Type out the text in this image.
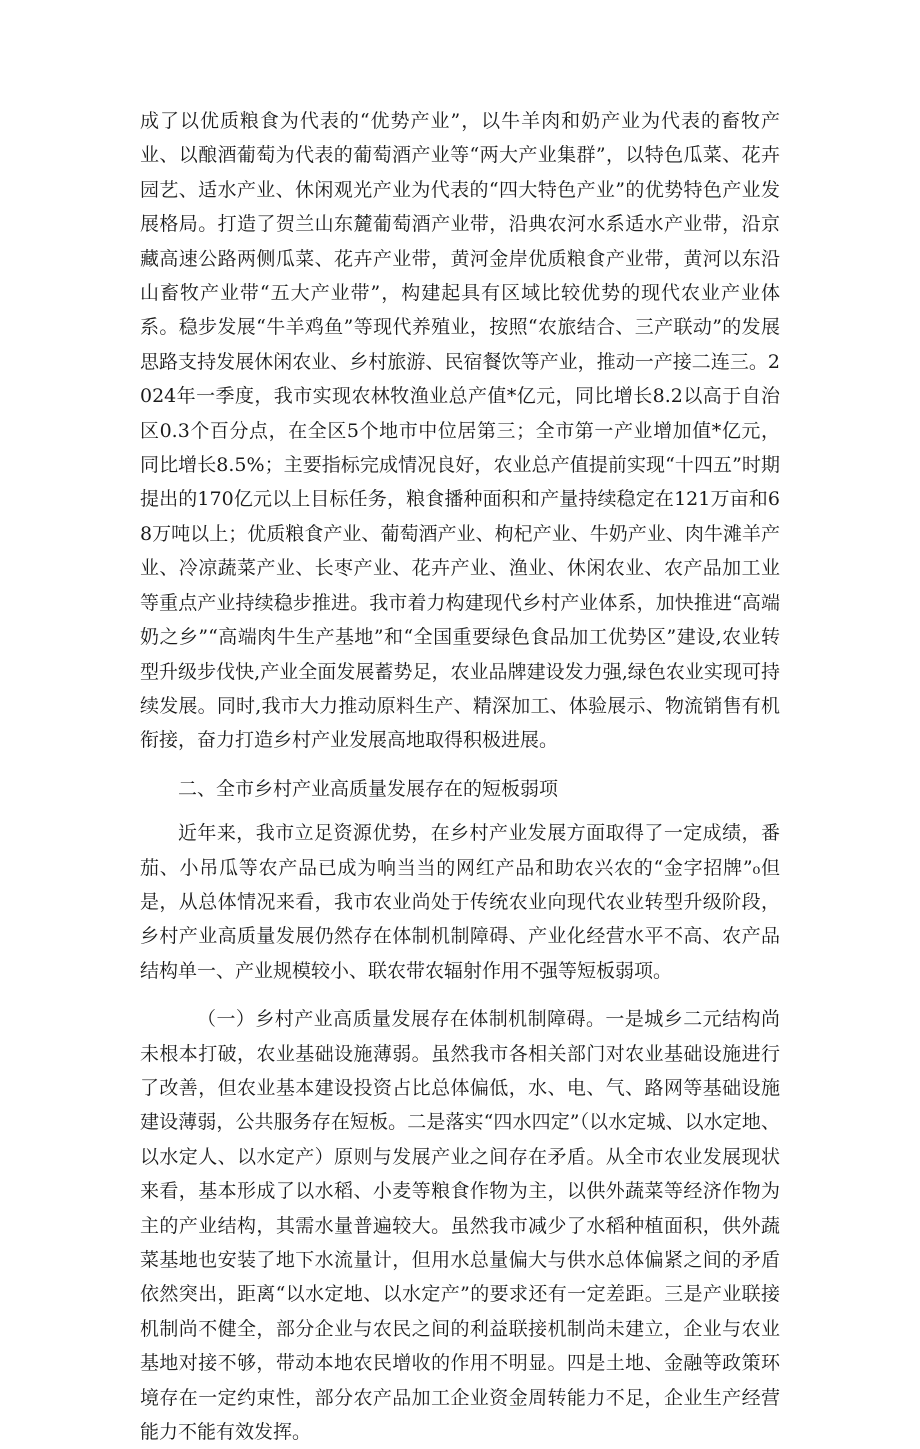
成了以优质粮食为代表的“优势产业”，以牛羊肉和奶产业为代表的畜牧产业、以酿酒葡萄为代表的葡萄酒产业等“两大产业集群”，以特色瓜菜、花卉园艺、适水产业、休闲观光产业为代表的“四大特色产业”的优势特色产业发展格局。打造了贺兰山东麓葡萄酒产业带，沿典农河水系适水产业带，沿京藏高速公路两侧瓜菜、花卉产业带，黄河金岸优质粮食产业带，黄河以东沿山畜牧产业带“五大产业带”，构建起具有区域比较优势的现代农业产业体系。稳步发展“牛羊鸡鱼”等现代养殖业，按照“农旅结合、三产联动”的发展思路支持发展休闲农业、乡村旅游、民宿餐饮等产业，推动一产接二连三。2024年一季度，我市实现农林牧渔业总产值*亿元，同比增长8.2以高于自治区0.3个百分点，在全区5个地市中位居第三；全市第一产业增加值*亿元，同比增长8.5%；主要指标完成情况良好，农业总产值提前实现“十四五”时期提出的170亿元以上目标任务，粮食播种面积和产量持续稳定在121万亩和68万吨以上；优质粮食产业、葡萄酒产业、枸杞产业、牛奶产业、肉牛滩羊产业、冷凉蔬菜产业、长枣产业、花卉产业、渔业、休闲农业、农产品加工业等重点产业持续稳步推进。我市着力构建现代乡村产业体系，加快推进“高端奶之乡”“高端肉牛生产基地”和“全国重要绿色食品加工优势区”建设,农业转型升级步伐快,产业全面发展蓄势足，农业品牌建设发力强,绿色农业实现可持续发展。同时,我市大力推动原料生产、精深加工、体验展示、物流销售有机衔接，奋力打造乡村产业发展高地取得积极进展。

二、全市乡村产业高质量发展存在的短板弱项

近年来，我市立足资源优势，在乡村产业发展方面取得了一定成绩，番茄、小吊瓜等农产品已成为响当当的网红产品和助农兴农的“金字招牌”₀但是，从总体情况来看，我市农业尚处于传统农业向现代农业转型升级阶段，乡村产业高质量发展仍然存在体制机制障碍、产业化经营水平不高、农产品结构单一、产业规模较小、联农带农辐射作用不强等短板弱项。

（一）乡村产业高质量发展存在体制机制障碍。一是城乡二元结构尚未根本打破，农业基础设施薄弱。虽然我市各相关部门对农业基础设施进行了改善，但农业基本建设投资占比总体偏低，水、电、气、路网等基础设施建设薄弱，公共服务存在短板。二是落实“四水四定”（以水定城、以水定地、以水定人、以水定产）原则与发展产业之间存在矛盾。从全市农业发展现状来看，基本形成了以水稻、小麦等粮食作物为主，以供外蔬菜等经济作物为主的产业结构，其需水量普遍较大。虽然我市减少了水稻种植面积，供外蔬菜基地也安装了地下水流量计，但用水总量偏大与供水总体偏紧之间的矛盾依然突出，距离“以水定地、以水定产”的要求还有一定差距。三是产业联接机制尚不健全，部分企业与农民之间的利益联接机制尚未建立，企业与农业基地对接不够，带动本地农民增收的作用不明显。四是土地、金融等政策环境存在一定约束性，部分农产品加工企业资金周转能力不足，企业生产经营能力不能有效发挥。
